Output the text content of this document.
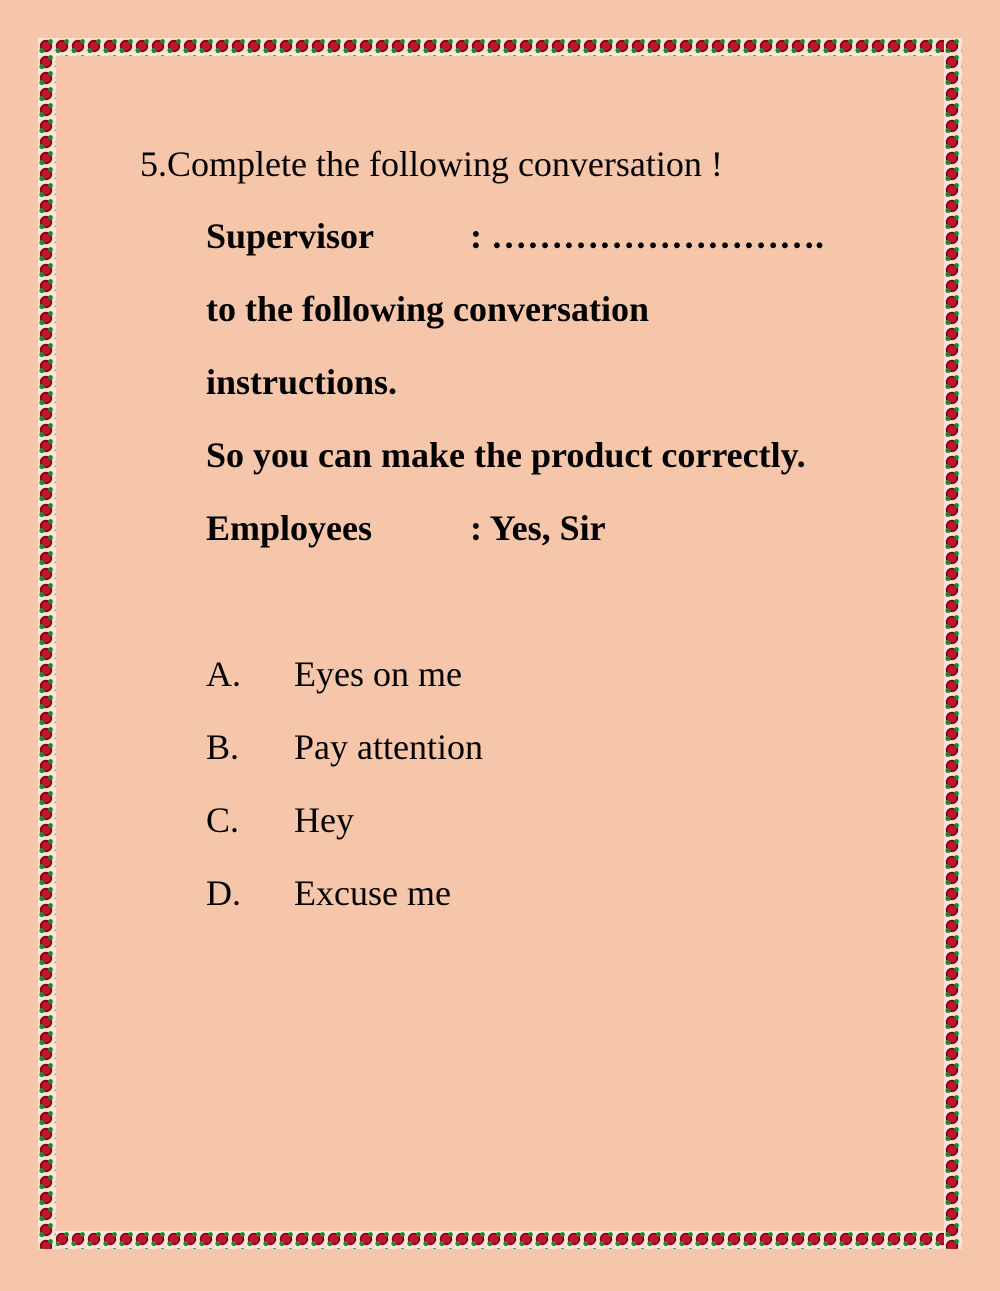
5.Complete the following conversation !
Supervisor	: ……………………….
to the following conversation
instructions.
So you can make the product correctly.
Employees	: Yes, Sir
A. Eyes on me
B. Pay attention
C. Hey
D. Excuse me
